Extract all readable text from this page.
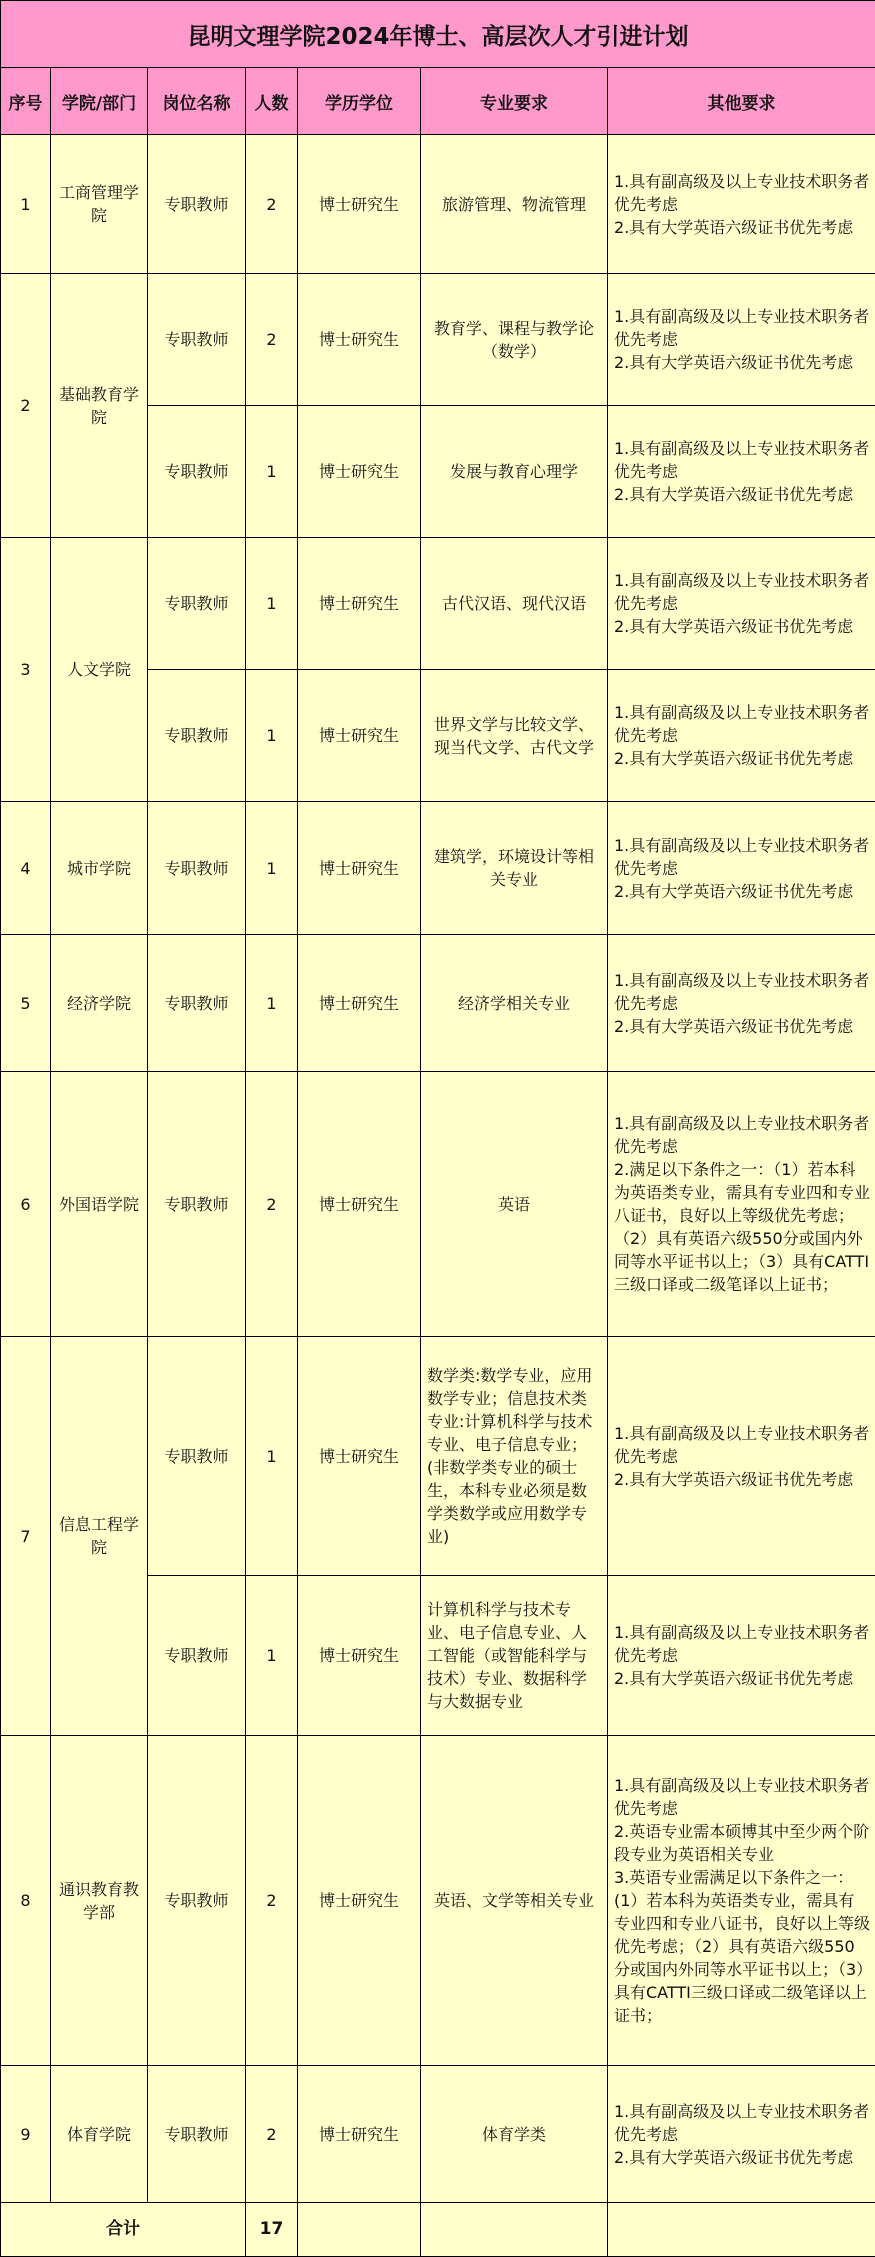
昆明文理学院2024年博士、高层次人才引进计划						
序号	学院/部门	岗位名称	人数	学历学位	专业要求	其他要求
1	工商管理学院	专职教师	2	博士研究生	旅游管理、物流管理	1.具有副高级及以上专业技术职务者优先考虑
2.具有大学英语六级证书优先考虑

2	基础教育学院	专职教师	2	博士研究生	教育学、课程与教学论（数学）	1.具有副高级及以上专业技术职务者优先考虑
2.具有大学英语六级证书优先考虑

		专职教师	1	博士研究生	发展与教育心理学	1.具有副高级及以上专业技术职务者优先考虑
2.具有大学英语六级证书优先考虑

3	人文学院	专职教师	1	博士研究生	古代汉语、现代汉语	1.具有副高级及以上专业技术职务者优先考虑
2.具有大学英语六级证书优先考虑

		专职教师	1	博士研究生	世界文学与比较文学、现当代文学、古代文学	1.具有副高级及以上专业技术职务者优先考虑
2.具有大学英语六级证书优先考虑

4	城市学院	专职教师	1	博士研究生	建筑学，环境设计等相关专业	1.具有副高级及以上专业技术职务者优先考虑
2.具有大学英语六级证书优先考虑

5	经济学院	专职教师	1	博士研究生	经济学相关专业	1.具有副高级及以上专业技术职务者优先考虑
2.具有大学英语六级证书优先考虑

6	外国语学院	专职教师	2	博士研究生	英语	1.具有副高级及以上专业技术职务者优先考虑
2.满足以下条件之一：（1）若本科为英语类专业，需具有专业四和专业八证书，良好以上等级优先考虑；（2）具有英语六级550分或国内外同等水平证书以上；（3）具有CATTI三级口译或二级笔译以上证书；

7	信息工程学院	专职教师	1	博士研究生	数学类:数学专业，应用数学专业；信息技术类专业:计算机科学与技术专业、电子信息专业；(非数学类专业的硕士生，本科专业必须是数学类数学或应用数学专业)	1.具有副高级及以上专业技术职务者优先考虑
2.具有大学英语六级证书优先考虑

		专职教师	1	博士研究生	计算机科学与技术专业、电子信息专业、人工智能（或智能科学与技术）专业、数据科学与大数据专业	1.具有副高级及以上专业技术职务者优先考虑
2.具有大学英语六级证书优先考虑

8	通识教育教学部	专职教师	2	博士研究生	英语、文学等相关专业	1.具有副高级及以上专业技术职务者优先考虑
2.英语专业需本硕博其中至少两个阶段专业为英语相关专业
3.英语专业需满足以下条件之一：(1）若本科为英语类专业，需具有专业四和专业八证书，良好以上等级优先考虑；（2）具有英语六级550分或国内外同等水平证书以上；（3）具有CATTI三级口译或二级笔译以上证书；

9	体育学院	专职教师	2	博士研究生	体育学类	1.具有副高级及以上专业技术职务者优先考虑
2.具有大学英语六级证书优先考虑

合计			17			
